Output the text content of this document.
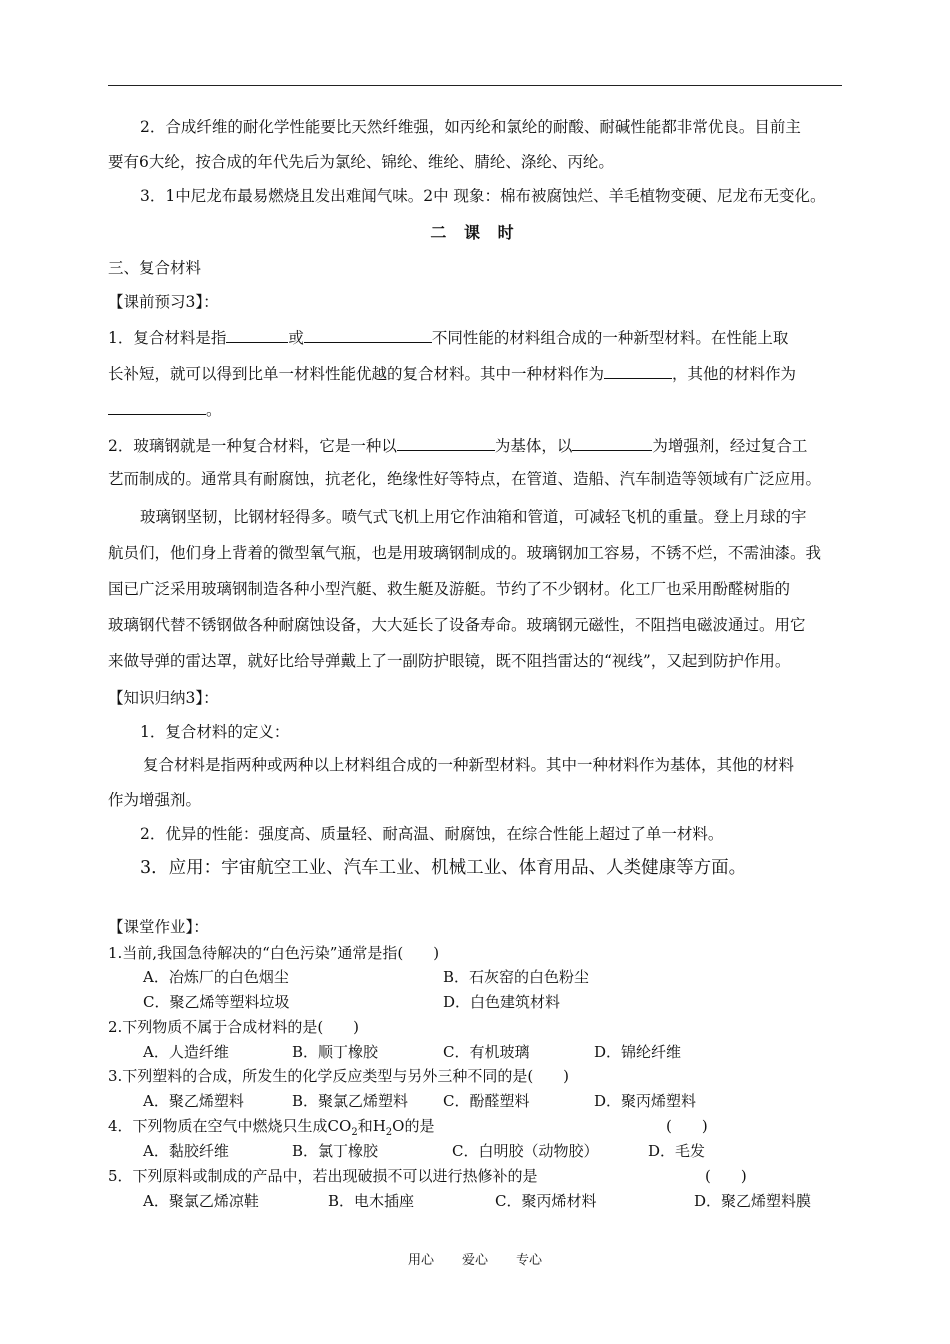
2．合成纤维的耐化学性能要比天然纤维强，如丙纶和氯纶的耐酸、耐碱性能都非常优良。目前主
要有6大纶，按合成的年代先后为氯纶、锦纶、维纶、腈纶、涤纶、丙纶。
3．1中尼龙布最易燃烧且发出难闻气味。2中 现象：棉布被腐蚀烂、羊毛植物变硬、尼龙布无变化。
二 课 时
三、复合材料
【课前预习3】：
1．复合材料是指	或	不同性能的材料组合成的一种新型材料。在性能上取
长补短，就可以得到比单一材料性能优越的复合材料。其中一种材料作为	，其他的材料作为
。
2．玻璃钢就是一种复合材料，它是一种以	为基体，以	为增强剂，经过复合工
艺而制成的。通常具有耐腐蚀，抗老化，绝缘性好等特点，在管道、造船、汽车制造等领域有广泛应用。
玻璃钢坚韧，比钢材轻得多。喷气式飞机上用它作油箱和管道，可减轻飞机的重量。登上月球的宇
航员们，他们身上背着的微型氧气瓶，也是用玻璃钢制成的。玻璃钢加工容易，不锈不烂，不需油漆。我
国已广泛采用玻璃钢制造各种小型汽艇、救生艇及游艇。节约了不少钢材。化工厂也采用酚醛树脂的
玻璃钢代替不锈钢做各种耐腐蚀设备，大大延长了设备寿命。玻璃钢元磁性，不阻挡电磁波通过。用它
来做导弹的雷达罩，就好比给导弹戴上了一副防护眼镜，既不阻挡雷达的“视线”，又起到防护作用。
【知识归纳3】：
1．复合材料的定义：
复合材料是指两种或两种以上材料组合成的一种新型材料。其中一种材料作为基体，其他的材料
作为增强剂。
2．优异的性能：强度高、质量轻、耐高温、耐腐蚀，在综合性能上超过了单一材料。
3．应用：宇宙航空工业、汽车工业、机械工业、体育用品、人类健康等方面。
【课堂作业】：
1.当前,我国急待解决的“白色污染”通常是指(　　)
A．冶炼厂的白色烟尘	B．石灰窑的白色粉尘
C．聚乙烯等塑料垃圾	D．白色建筑材料
2.下列物质不属于合成材料的是(　　)
A．人造纤维	B．顺丁橡胶	C．有机玻璃	D．锦纶纤维
3.下列塑料的合成，所发生的化学反应类型与另外三种不同的是(　　)
A．聚乙烯塑料	B．聚氯乙烯塑料 C．酚醛塑料	D．聚丙烯塑料
4．下列物质在空气中燃烧只生成$CO_2$和$H_2O$的是	(　　)
A．黏胶纤维	B．氯丁橡胶	C．白明胶（动物胶）	D．毛发
5．下列原料或制成的产品中，若出现破损不可以进行热修补的是	(　　)
A．聚氯乙烯凉鞋	B．电木插座	C．聚丙烯材料	D．聚乙烯塑料膜
用心 爱心 专心
